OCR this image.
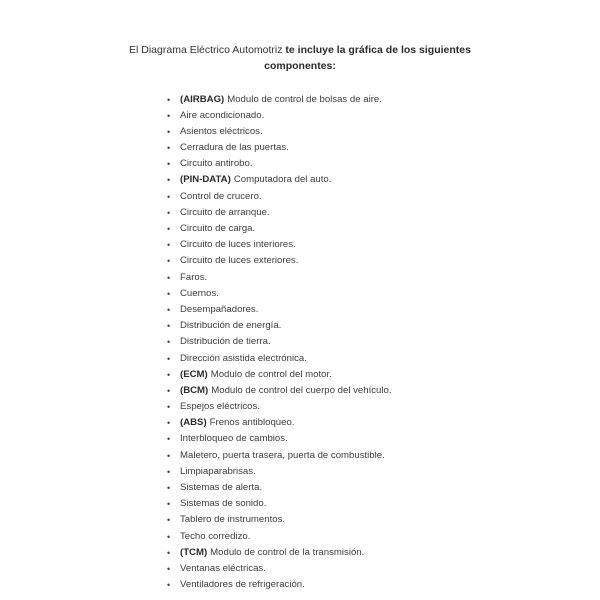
El Diagrama Eléctrico Automotriz te incluye la gráfica de los siguientes
componentes:
• (AIRBAG) Modulo de control de bolsas de aire.
• Aire acondicionado.
• Asientos eléctricos.
• Cerradura de las puertas.
• Circuito antirobo.
• (PIN-DATA) Computadora del auto.
• Control de crucero.
• Circuito de arranque.
• Circuito de carga.
• Circuito de luces interiores.
• Circuito de luces exteriores.
• Faros.
• Cuernos.
• Desempañadores.
• Distribución de energía.
• Distribución de tierra.
• Dirección asistida electrónica.
• (ECM) Modulo de control del motor.
• (BCM) Modulo de control del cuerpo del vehículo.
• Espejos eléctricos.
• (ABS) Frenos antibloqueo.
• Interbloqueo de cambios.
• Maletero, puerta trasera, puerta de combustible.
• Limpiaparabrisas.
• Sistemas de alerta.
• Sistemas de sonido.
• Tablero de instrumentos.
• Techo corredizo.
• (TCM) Modulo de control de la transmisión.
• Ventanas eléctricas.
• Ventiladores de refrigeración.
